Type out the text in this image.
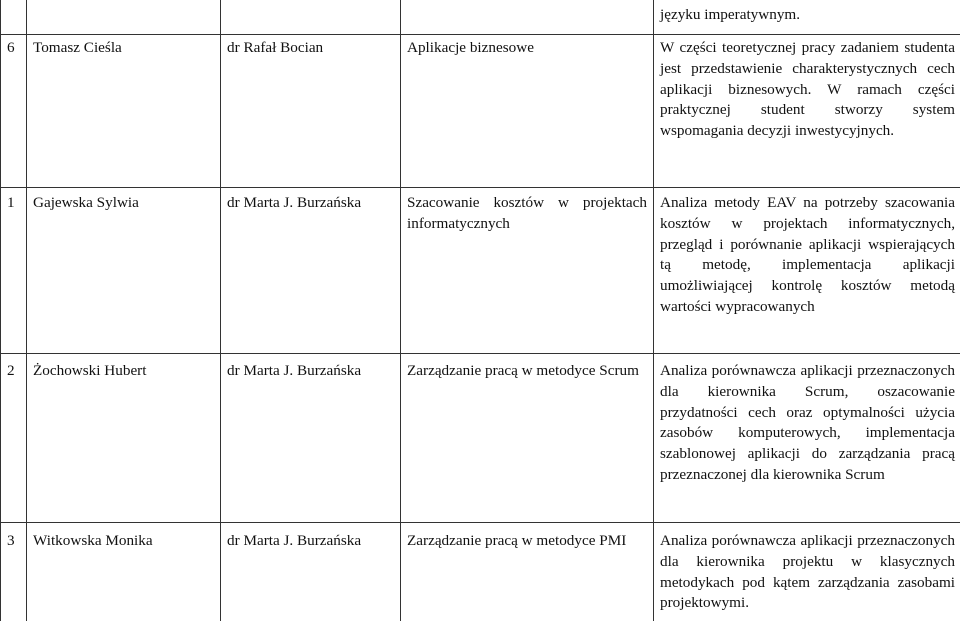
				języku imperatywnym.
6	Tomasz Cieśla	dr Rafał Bocian	Aplikacje biznesowe	W części teoretycznej pracy zadaniem studenta jest przedstawienie charakterystycznych cech aplikacji biznesowych. W ramach części praktycznej student stworzy system wspomagania decyzji inwestycyjnych.
1	Gajewska Sylwia	dr Marta J. Burzańska	Szacowanie kosztów w projektach informatycznych	Analiza metody EAV na potrzeby szacowania kosztów w projektach informatycznych, przegląd i porównanie aplikacji wspierających tą metodę, implementacja aplikacji umożliwiającej kontrolę kosztów metodą wartości wypracowanych
2	Żochowski Hubert	dr Marta J. Burzańska	Zarządzanie pracą w metodyce Scrum	Analiza porównawcza aplikacji przeznaczonych dla kierownika Scrum, oszacowanie przydatności cech oraz optymalności użycia zasobów komputerowych, implementacja szablonowej aplikacji do zarządzania pracą przeznaczonej dla kierownika Scrum
3	Witkowska Monika	dr Marta J. Burzańska	Zarządzanie pracą w metodyce PMI	Analiza porównawcza aplikacji przeznaczonych dla kierownika projektu w klasycznych metodykach pod kątem zarządzania zasobami projektowymi.
